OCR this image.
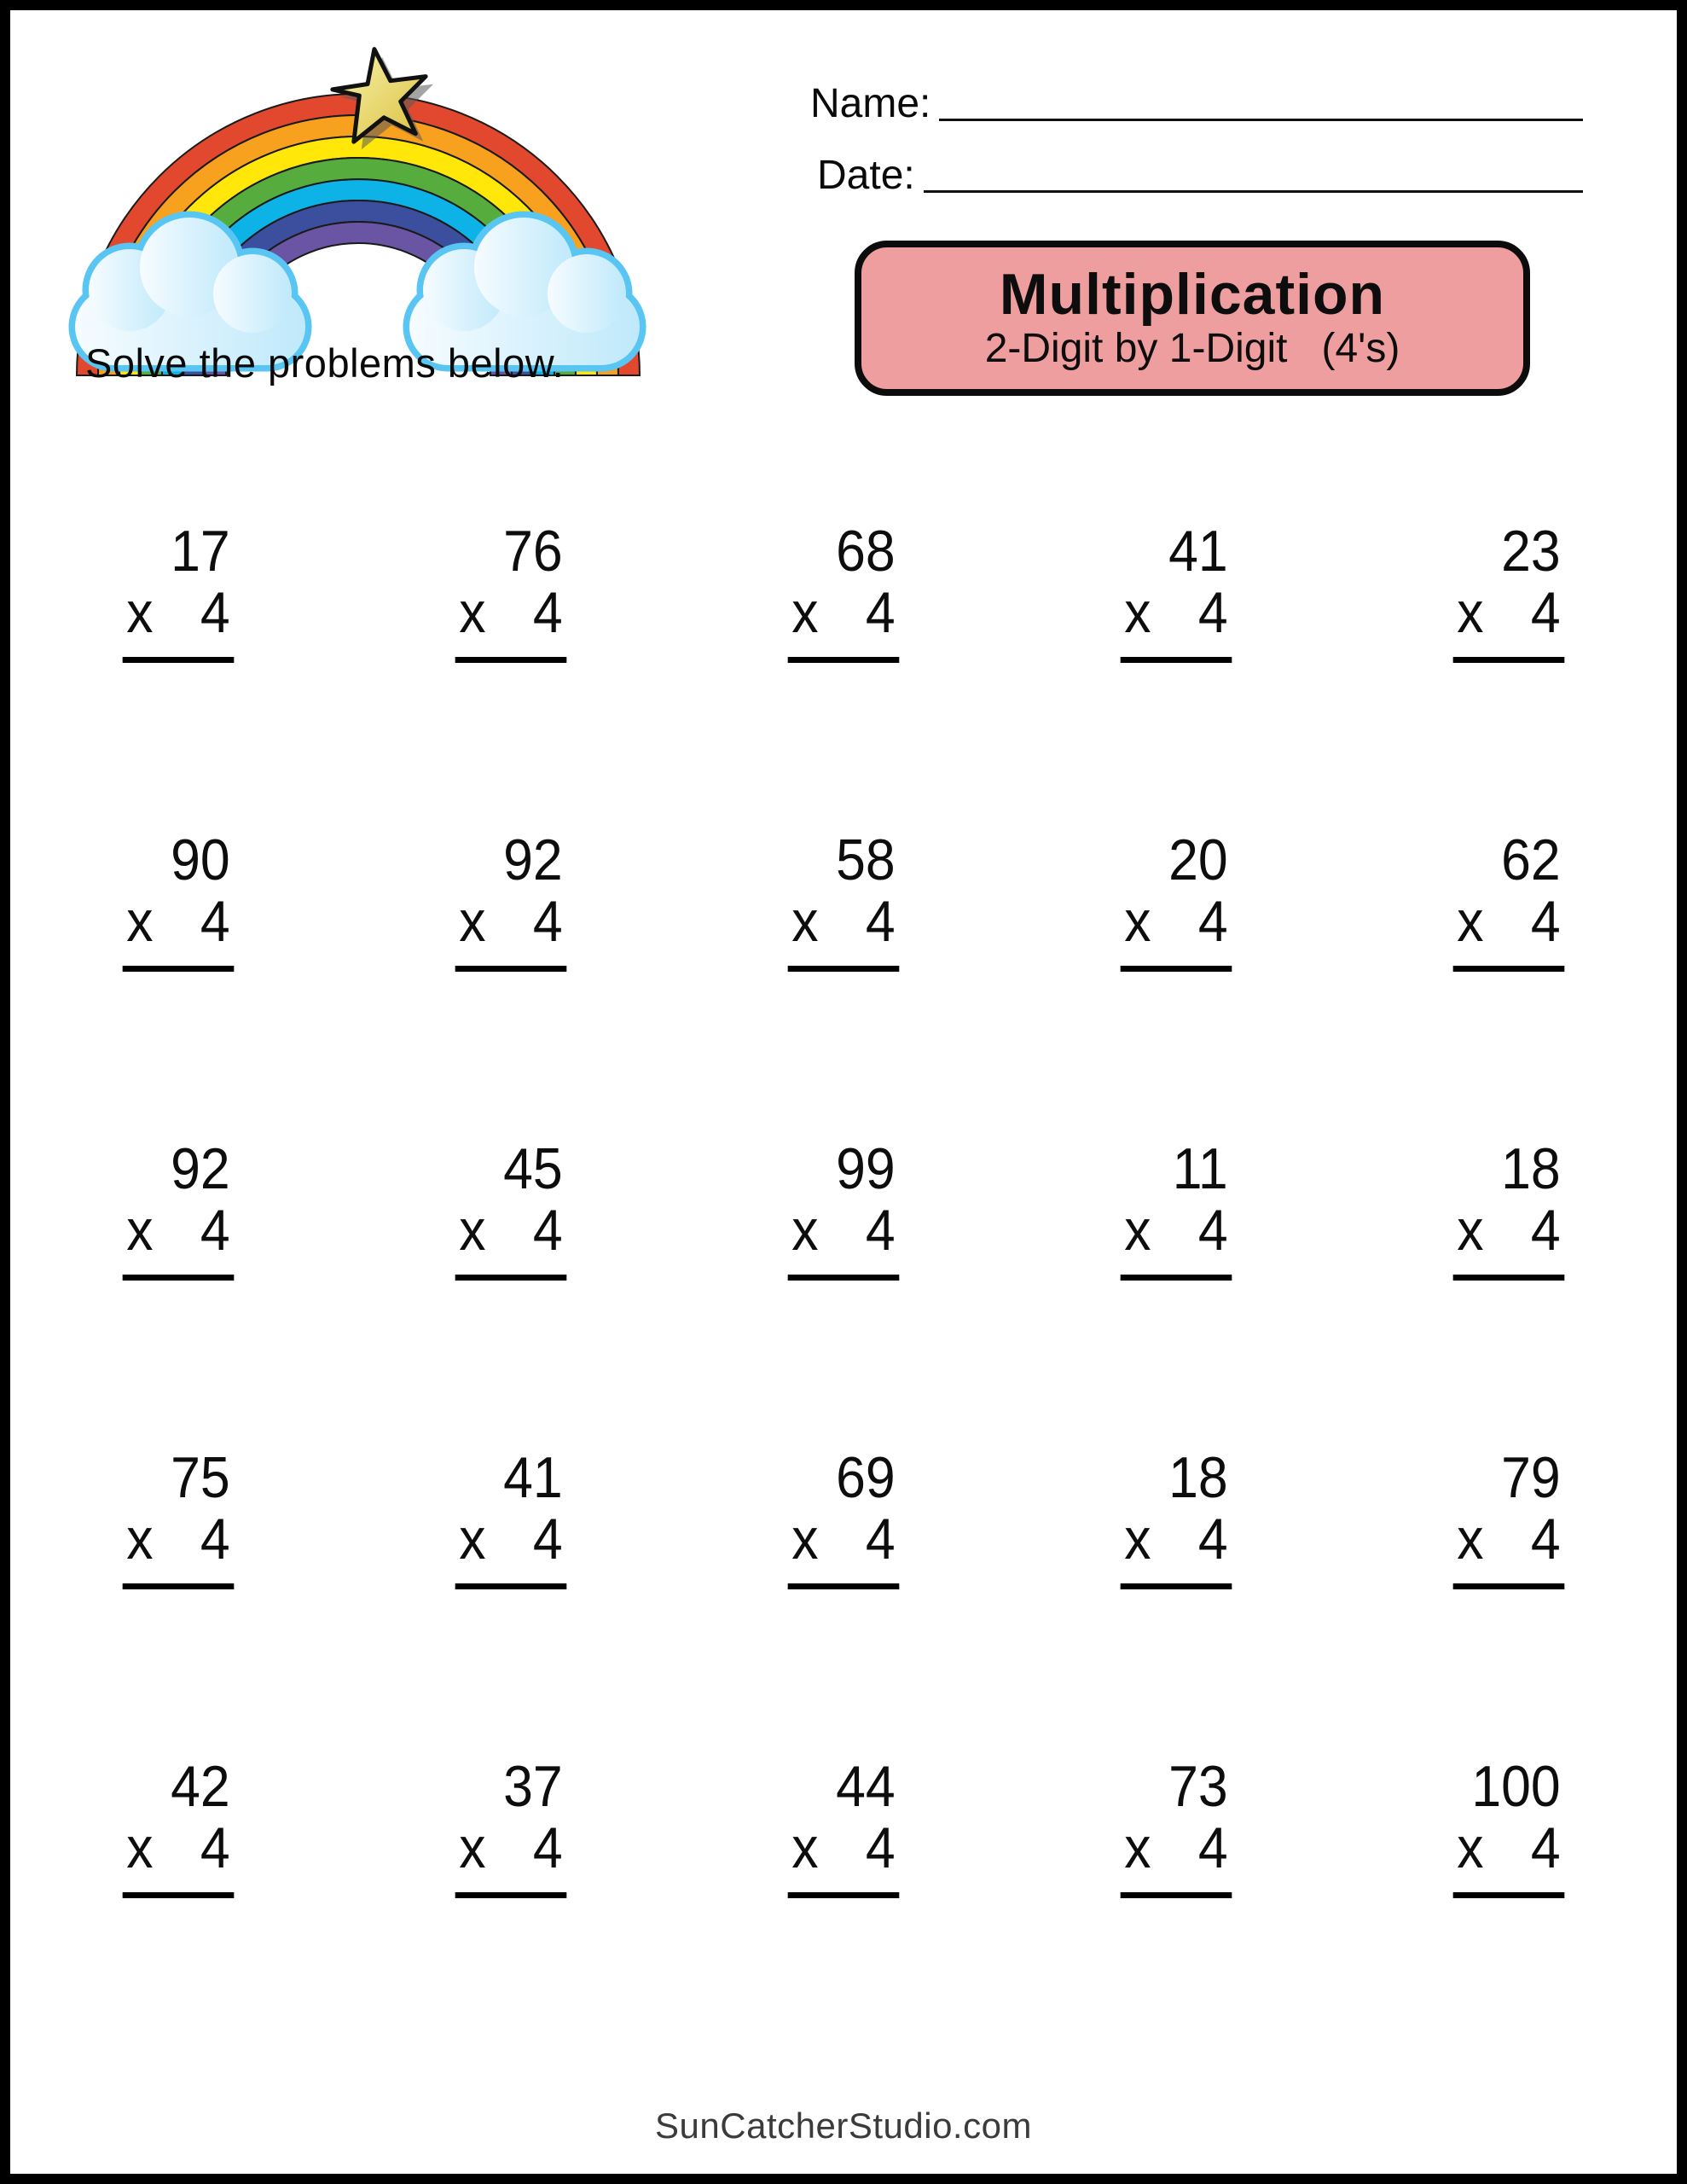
Solve the problems below.
Name:
Date:
Multiplication
2-Digit by 1-Digit   (4's)
17
x 4
76
x 4
68
x 4
41
x 4
23
x 4
90
x 4
92
x 4
58
x 4
20
x 4
62
x 4
92
x 4
45
x 4
99
x 4
11
x 4
18
x 4
75
x 4
41
x 4
69
x 4
18
x 4
79
x 4
42
x 4
37
x 4
44
x 4
73
x 4
100
x 4
SunCatcherStudio.com
